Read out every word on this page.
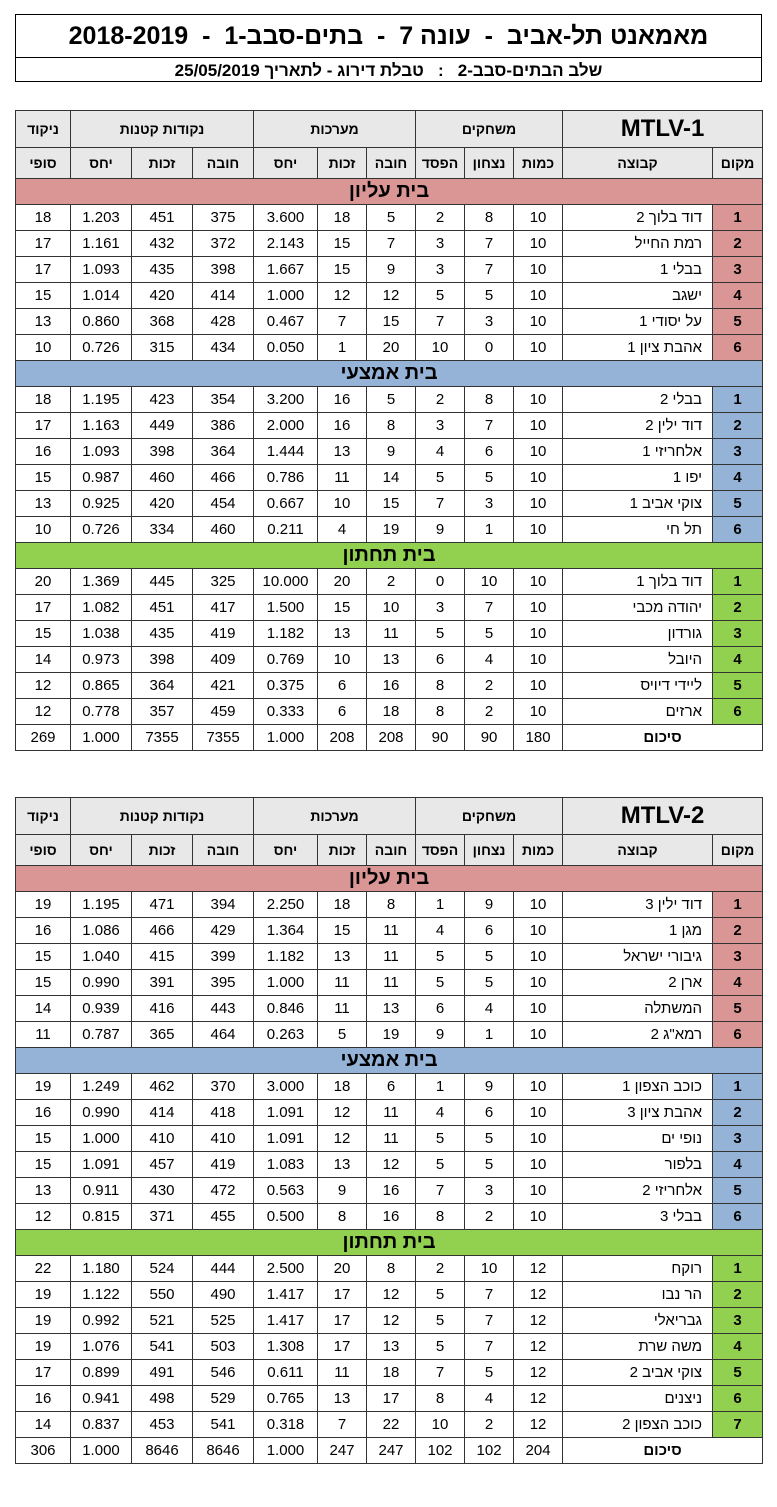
מאמאנט תל-אביב  -  עונה 7  -  בתים-סבב-1  -  2018-2019
שלב הבתים-סבב-2   :   טבלת דירוג - לתאריך 25/05/2019
MTLV-1		משחקים			מערכות			נקודות קטנות			ניקוד
מקום	קבוצה	כמות	נצחון	הפסד	חובה	זכות	יחס	חובה	זכות	יחס	סופי
בית עליון											
1	דוד בלוך 2	10	8	2	5	18	3.600	375	451	1.203	18
2	רמת החייל	10	7	3	7	15	2.143	372	432	1.161	17
3	בבלי 1	10	7	3	9	15	1.667	398	435	1.093	17
4	ישגב	10	5	5	12	12	1.000	414	420	1.014	15
5	על יסודי 1	10	3	7	15	7	0.467	428	368	0.860	13
6	אהבת ציון 1	10	0	10	20	1	0.050	434	315	0.726	10
בית אמצעי											
1	בבלי 2	10	8	2	5	16	3.200	354	423	1.195	18
2	דוד ילין 2	10	7	3	8	16	2.000	386	449	1.163	17
3	אלחריזי 1	10	6	4	9	13	1.444	364	398	1.093	16
4	יפו 1	10	5	5	14	11	0.786	466	460	0.987	15
5	צוקי אביב 1	10	3	7	15	10	0.667	454	420	0.925	13
6	תל חי	10	1	9	19	4	0.211	460	334	0.726	10
בית תחתון											
1	דוד בלוך 1	10	10	0	2	20	10.000	325	445	1.369	20
2	יהודה מכבי	10	7	3	10	15	1.500	417	451	1.082	17
3	גורדון	10	5	5	11	13	1.182	419	435	1.038	15
4	היובל	10	4	6	13	10	0.769	409	398	0.973	14
5	ליידי דיויס	10	2	8	16	6	0.375	421	364	0.865	12
6	ארזים	10	2	8	18	6	0.333	459	357	0.778	12
סיכום		180	90	90	208	208	1.000	7355	7355	1.000	269
MTLV-2		משחקים			מערכות			נקודות קטנות			ניקוד
מקום	קבוצה	כמות	נצחון	הפסד	חובה	זכות	יחס	חובה	זכות	יחס	סופי
בית עליון											
1	דוד ילין 3	10	9	1	8	18	2.250	394	471	1.195	19
2	מגן 1	10	6	4	11	15	1.364	429	466	1.086	16
3	גיבורי ישראל	10	5	5	11	13	1.182	399	415	1.040	15
4	ארן 2	10	5	5	11	11	1.000	395	391	0.990	15
5	המשתלה	10	4	6	13	11	0.846	443	416	0.939	14
6	רמא"ג 2	10	1	9	19	5	0.263	464	365	0.787	11
בית אמצעי											
1	כוכב הצפון 1	10	9	1	6	18	3.000	370	462	1.249	19
2	אהבת ציון 3	10	6	4	11	12	1.091	418	414	0.990	16
3	נופי ים	10	5	5	11	12	1.091	410	410	1.000	15
4	בלפור	10	5	5	12	13	1.083	419	457	1.091	15
5	אלחריזי 2	10	3	7	16	9	0.563	472	430	0.911	13
6	בבלי 3	10	2	8	16	8	0.500	455	371	0.815	12
בית תחתון											
1	רוקח	12	10	2	8	20	2.500	444	524	1.180	22
2	הר נבו	12	7	5	12	17	1.417	490	550	1.122	19
3	גבריאלי	12	7	5	12	17	1.417	525	521	0.992	19
4	משה שרת	12	7	5	13	17	1.308	503	541	1.076	19
5	צוקי אביב 2	12	5	7	18	11	0.611	546	491	0.899	17
6	ניצנים	12	4	8	17	13	0.765	529	498	0.941	16
7	כוכב הצפון 2	12	2	10	22	7	0.318	541	453	0.837	14
סיכום		204	102	102	247	247	1.000	8646	8646	1.000	306
